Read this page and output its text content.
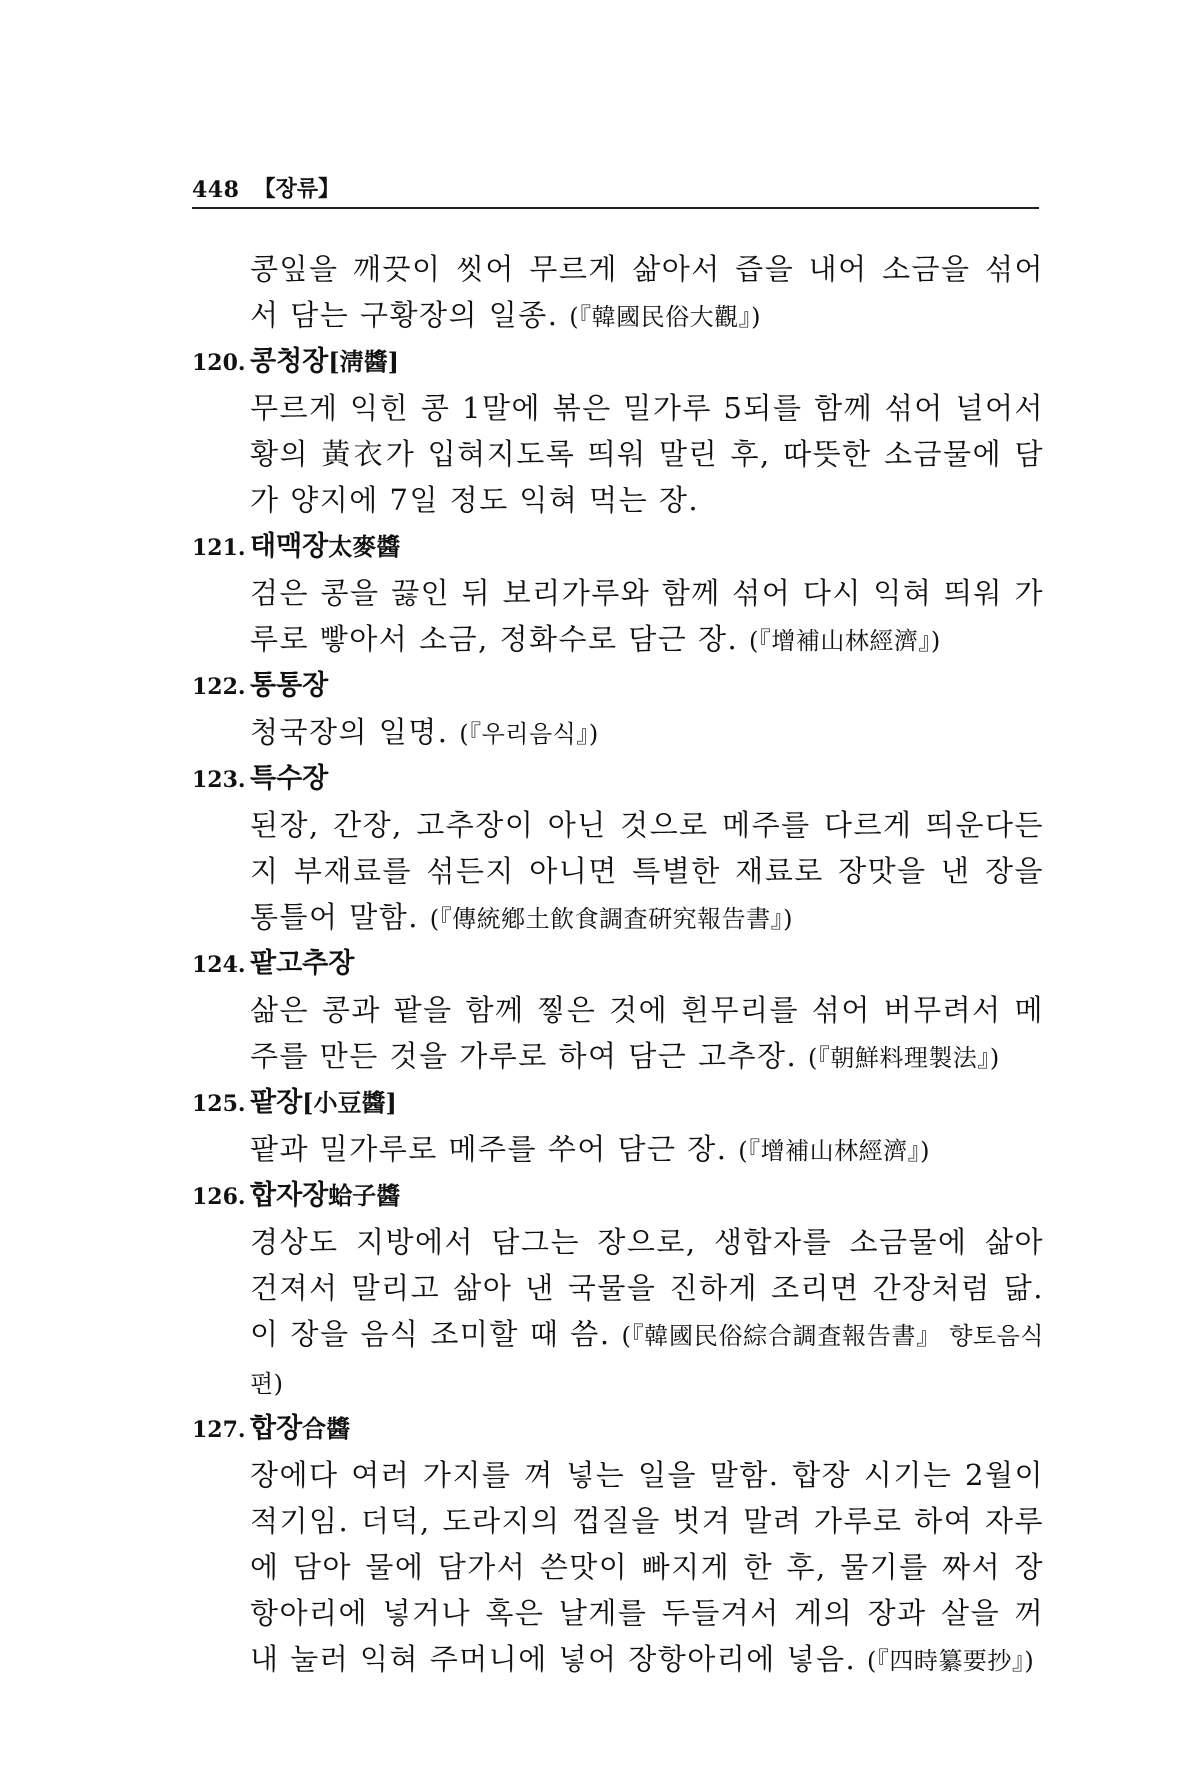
448 【장류】
콩잎을 깨끗이 씻어 무르게 삶아서 즙을 내어 소금을 섞어서 담는 구황장의 일종. (『韓國民俗大觀』)
120. 콩청장 [淸醬]
무르게 익힌 콩 1말에 볶은 밀가루 5되를 함께 섞어 널어서 황의 黃衣가 입혀지도록 띄워 말린 후, 따뜻한 소금물에 담가 양지에 7일 정도 익혀 먹는 장.
121. 태맥장 太麥醬
검은 콩을 끓인 뒤 보리가루와 함께 섞어 다시 익혀 띄워 가루로 빻아서 소금, 정화수로 담근 장. (『增補山林經濟』)
122. 통통장
청국장의 일명. (『우리음식』)
123. 특수장
된장, 간장, 고추장이 아닌 것으로 메주를 다르게 띄운다든지 부재료를 섞든지 아니면 특별한 재료로 장맛을 낸 장을 통틀어 말함. (『傳統鄕土飮食調査硏究報告書』)
124. 팥고추장
삶은 콩과 팥을 함께 찧은 것에 흰무리를 섞어 버무려서 메주를 만든 것을 가루로 하여 담근 고추장. (『朝鮮料理製法』)
125. 팥장 [小豆醬]
팥과 밀가루로 메주를 쑤어 담근 장. (『增補山林經濟』)
126. 합자장 蛤子醬
경상도 지방에서 담그는 장으로, 생합자를 소금물에 삶아 건져서 말리고 삶아 낸 국물을 진하게 조리면 간장처럼 닮. 이 장을 음식 조미할 때 씀. (『韓國民俗綜合調査報告書』 향토음식편)
127. 합장 合醬
장에다 여러 가지를 껴 넣는 일을 말함. 합장 시기는 2월이 적기임. 더덕, 도라지의 껍질을 벗겨 말려 가루로 하여 자루에 담아 물에 담가서 쓴맛이 빠지게 한 후, 물기를 짜서 장항아리에 넣거나 혹은 날게를 두들겨서 게의 장과 살을 꺼내 눌러 익혀 주머니에 넣어 장항아리에 넣음. (『四時纂要抄』)
